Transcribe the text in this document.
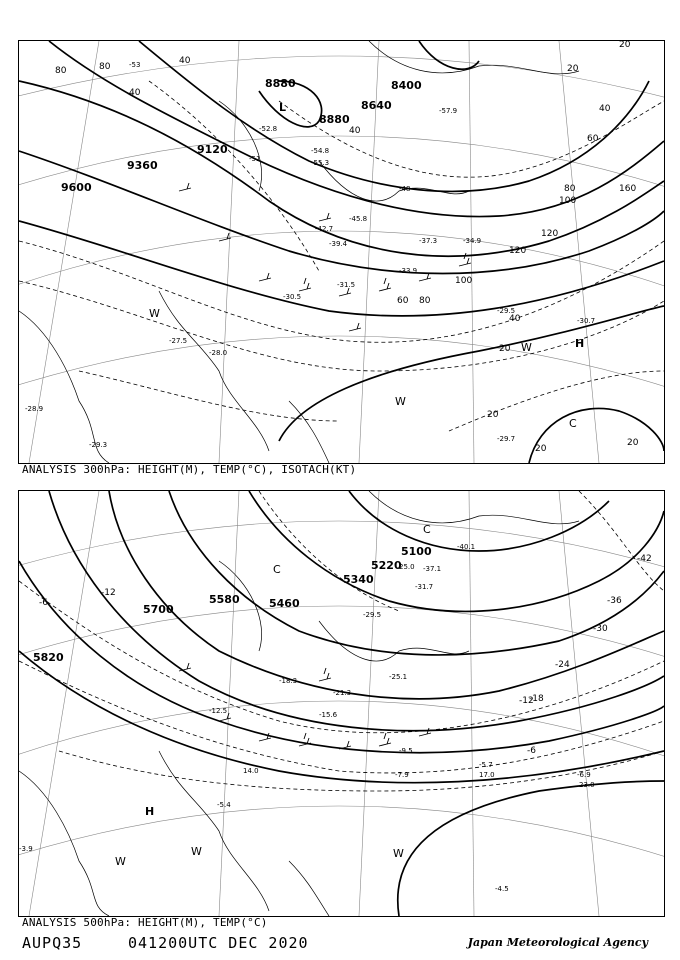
8880
8880
8400
8640
9120
9360
9600
80	80
40
40
40
20
20
40
60
80
100
120
160
100
120
80
60
40
20
20
20
20
-53
-51
-48
-45.8
-42.7
-39.4	-37.3	-34.9
-33.9
-31.5
-30.5
-29.5
-28.0
-27.5
-28.9
-29.3
-30.7
-29.7
-54.8
-55.3
-57.9
-52.8
L
H
W
W
W
C
ANALYSIS 300hPa: HEIGHT(M), TEMP(°C), ISOTACH(KT)
5100
5220
5340
5460
5580
5700
5820
-42
-36
-30
-24
-18
-12
-6
-12
-6
-40.1
-37.1
-31.7
-29.5
-25.1
-21.3
-18.3
-15.6
-12.5
-9.5
-7.9
-5.7
-5.4
-4.5
-6.9
-3.9
25.0
17.0
23.0
14.0
H
W
W	W
C
C
ANALYSIS 500hPa: HEIGHT(M), TEMP(°C)
AUPQ35	041200UTC DEC 2020	Japan Meteorological Agency
